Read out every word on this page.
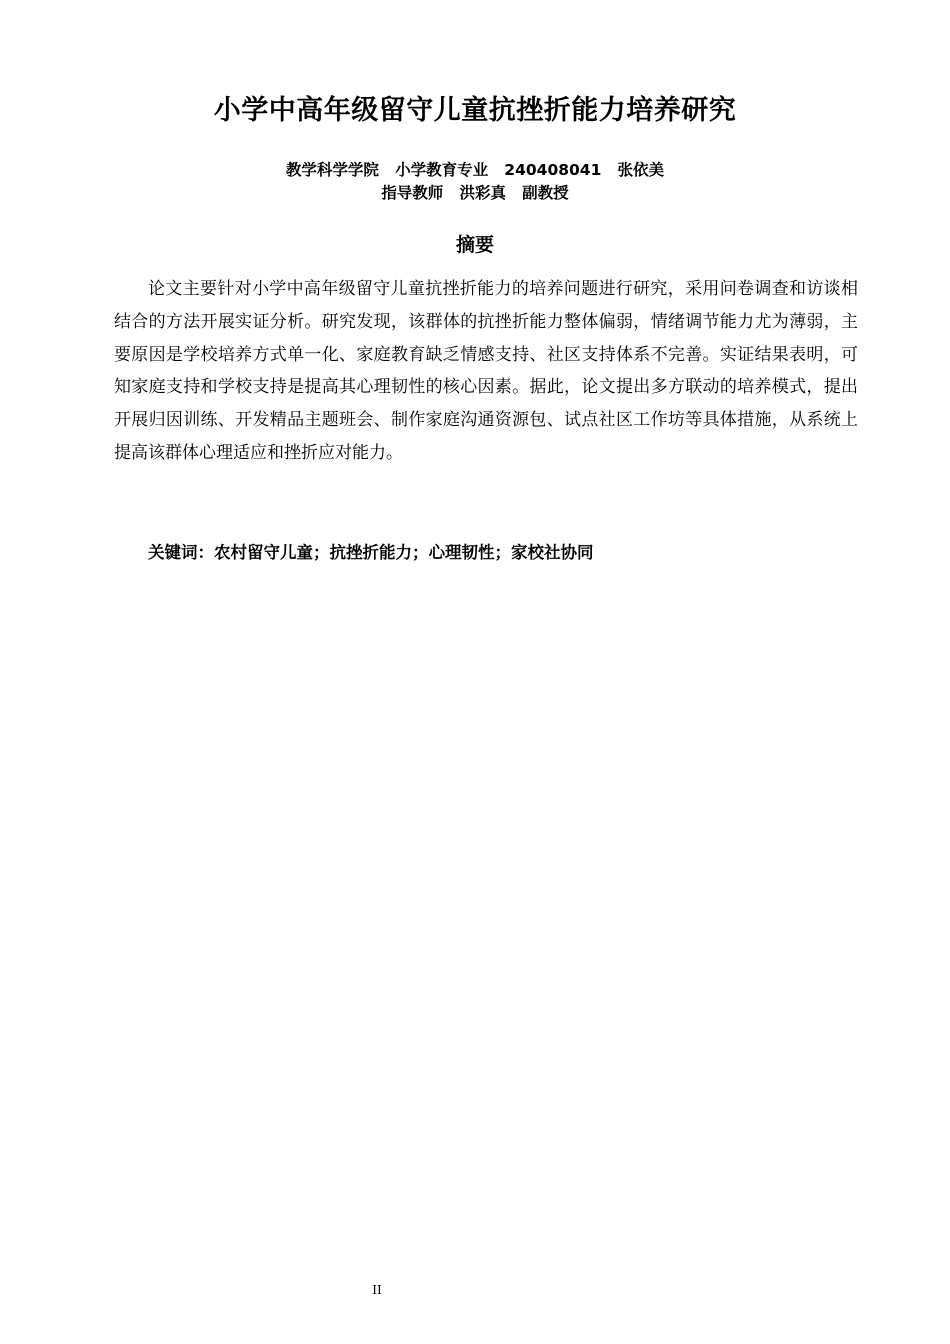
小学中高年级留守儿童抗挫折能力培养研究
教学科学学院   小学教育专业   240408041   张依美
指导教师   洪彩真   副教授
摘要

论文主要针对小学中高年级留守儿童抗挫折能力的培养问题进行研究，采用问卷调查和访谈相结合的方法开展实证分析。研究发现，该群体的抗挫折能力整体偏弱，情绪调节能力尤为薄弱，主要原因是学校培养方式单一化、家庭教育缺乏情感支持、社区支持体系不完善。实证结果表明，可知家庭支持和学校支持是提高其心理韧性的核心因素。据此，论文提出多方联动的培养模式，提出开展归因训练、开发精品主题班会、制作家庭沟通资源包、试点社区工作坊等具体措施，从系统上提高该群体心理适应和挫折应对能力。

关键词：农村留守儿童；抗挫折能力；心理韧性；家校社协同
II
